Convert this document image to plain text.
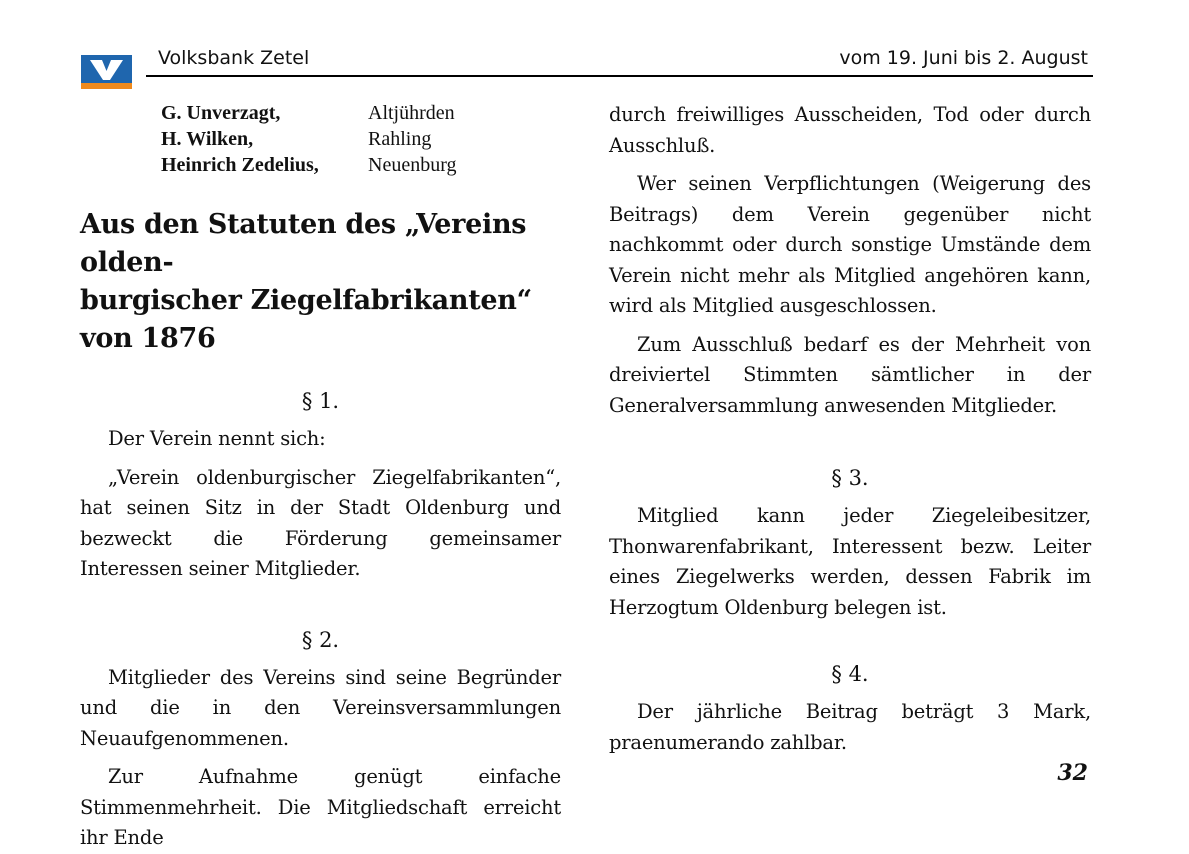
Volksbank Zetel	vom 19. Juni bis 2. August
G. Unverzagt,	Altjührden
H. Wilken,	Rahling
Heinrich Zedelius,	Neuenburg
Aus den Statuten des „Vereins olden-
burgischer Ziegelfabrikanten“ von 1876
§ 1.

Der Verein nennt sich:

„Verein oldenburgischer Ziegelfabrikanten“, hat seinen Sitz in der Stadt Oldenburg und bezweckt die Förderung gemeinsamer Interessen seiner Mitglieder.

§ 2.

Mitglieder des Vereins sind seine Begründer und die in den Vereinsversammlungen Neuaufgenommenen.

Zur Aufnahme genügt einfache Stimmenmehrheit. Die Mitgliedschaft erreicht ihr Ende

durch freiwilliges Ausscheiden, Tod oder durch Ausschluß.

Wer seinen Verpflichtungen (Weigerung des Beitrags) dem Verein gegenüber nicht nachkommt oder durch sonstige Umstände dem Verein nicht mehr als Mitglied angehören kann, wird als Mitglied ausgeschlossen.

Zum Ausschluß bedarf es der Mehrheit von dreiviertel Stimmten sämtlicher in der Generalversammlung anwesenden Mitglieder.

§ 3.

Mitglied kann jeder Ziegeleibesitzer, Thonwarenfabrikant, Interessent bezw. Leiter eines Ziegelwerks werden, dessen Fabrik im Herzogtum Oldenburg belegen ist.

§ 4.

Der jährliche Beitrag beträgt 3 Mark, praenumerando zahlbar.

32
